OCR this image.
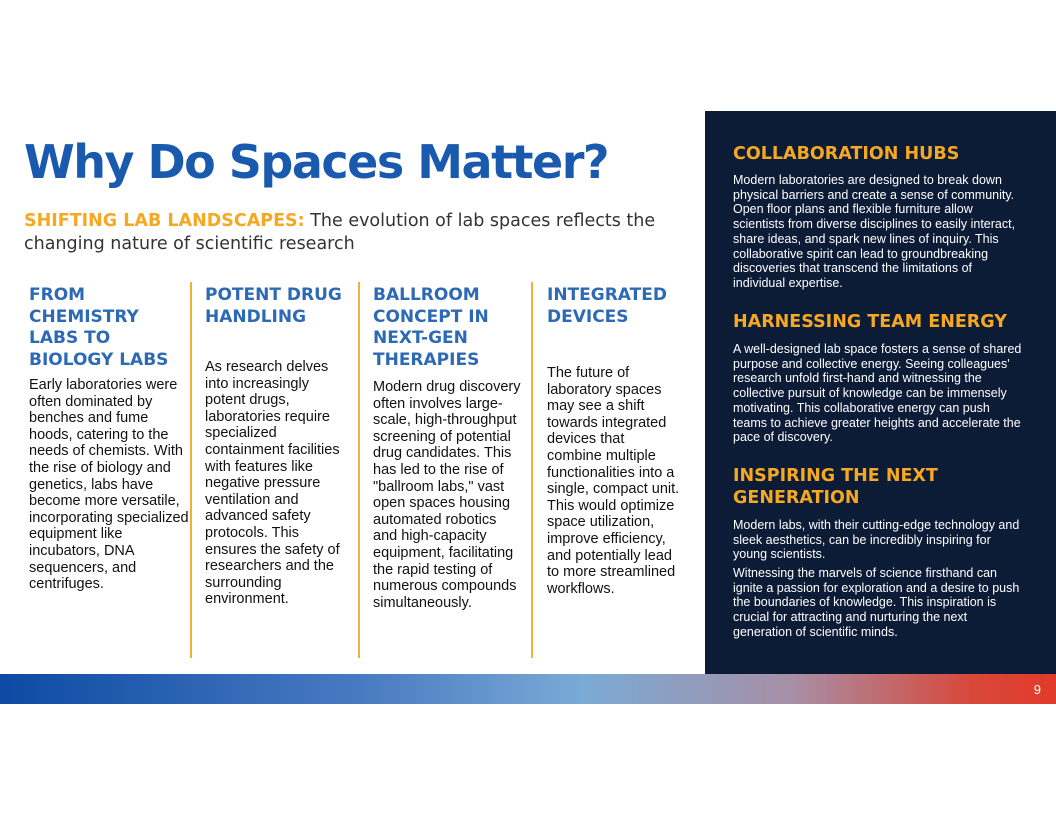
Why Do Spaces Matter?

SHIFTING LAB LANDSCAPES: The evolution of lab spaces reflects the changing nature of scientific research

FROM CHEMISTRY LABS TO BIOLOGY LABS

Early laboratories were often dominated by benches and fume hoods, catering to the needs of chemists. With the rise of biology and genetics, labs have become more versatile, incorporating specialized equipment like incubators, DNA sequencers, and centrifuges.

POTENT DRUG HANDLING

As research delves into increasingly potent drugs, laboratories require specialized containment facilities with features like negative pressure ventilation and advanced safety protocols. This ensures the safety of researchers and the surrounding environment.

BALLROOM CONCEPT IN NEXT-GEN THERAPIES

Modern drug discovery often involves large-scale, high-throughput screening of potential drug candidates. This has led to the rise of "ballroom labs," vast open spaces housing automated robotics and high-capacity equipment, facilitating the rapid testing of numerous compounds simultaneously.

INTEGRATED DEVICES

The future of laboratory spaces may see a shift towards integrated devices that combine multiple functionalities into a single, compact unit. This would optimize space utilization, improve efficiency, and potentially lead to more streamlined workflows.

COLLABORATION HUBS

Modern laboratories are designed to break down physical barriers and create a sense of community. Open floor plans and flexible furniture allow scientists from diverse disciplines to easily interact, share ideas, and spark new lines of inquiry. This collaborative spirit can lead to groundbreaking discoveries that transcend the limitations of individual expertise.

HARNESSING TEAM ENERGY

A well-designed lab space fosters a sense of shared purpose and collective energy. Seeing colleagues' research unfold first-hand and witnessing the collective pursuit of knowledge can be immensely motivating. This collaborative energy can push teams to achieve greater heights and accelerate the pace of discovery.

INSPIRING THE NEXT GENERATION

Modern labs, with their cutting-edge technology and sleek aesthetics, can be incredibly inspiring for young scientists.

Witnessing the marvels of science firsthand can ignite a passion for exploration and a desire to push the boundaries of knowledge. This inspiration is crucial for attracting and nurturing the next generation of scientific minds.

9
